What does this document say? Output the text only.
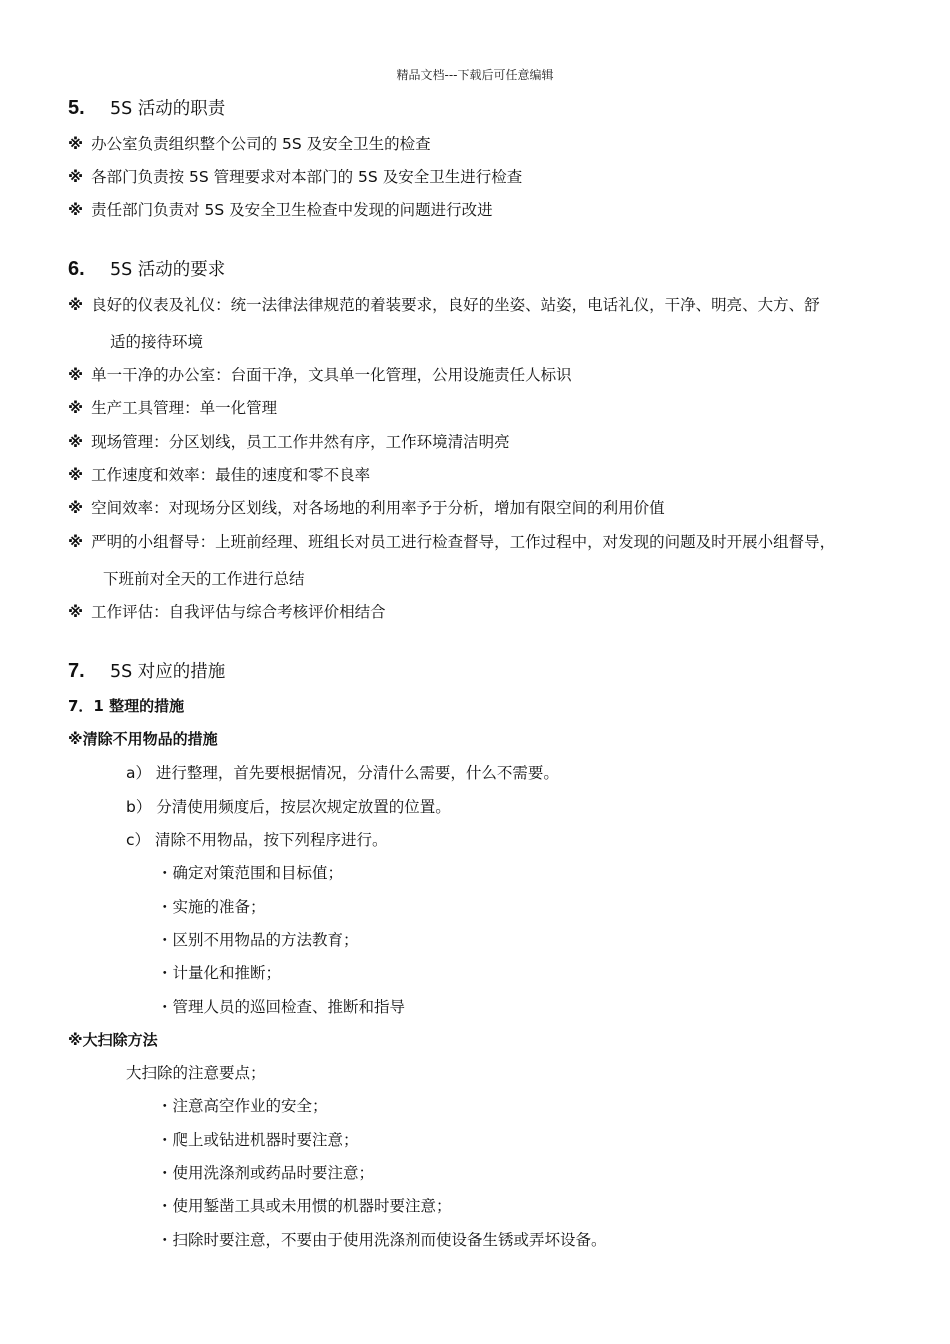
精品文档---下载后可任意编辑
5. 5S 活动的职责
※ 办公室负责组织整个公司的 5S 及安全卫生的检查
※ 各部门负责按 5S 管理要求对本部门的 5S 及安全卫生进行检查
※ 责任部门负责对 5S 及安全卫生检查中发现的问题进行改进
6. 5S 活动的要求
※ 良好的仪表及礼仪：统一法律法律规范的着装要求，良好的坐姿、站姿，电话礼仪，干净、明亮、大方、舒
适的接待环境
※ 单一干净的办公室：台面干净，文具单一化管理，公用设施责任人标识
※ 生产工具管理：单一化管理
※ 现场管理：分区划线，员工工作井然有序，工作环境清洁明亮
※ 工作速度和效率：最佳的速度和零不良率
※ 空间效率：对现场分区划线，对各场地的利用率予于分析，增加有限空间的利用价值
※ 严明的小组督导：上班前经理、班组长对员工进行检查督导，工作过程中，对发现的问题及时开展小组督导，
下班前对全天的工作进行总结
※ 工作评估：自我评估与综合考核评价相结合
7. 5S 对应的措施
7．1 整理的措施
※清除不用物品的措施
a） 进行整理，首先要根据情况，分清什么需要，什么不需要。
b） 分清使用频度后，按层次规定放置的位置。
c） 清除不用物品，按下列程序进行。
・确定对策范围和目标值；
・实施的准备；
・区别不用物品的方法教育；
・计量化和推断；
・管理人员的巡回检查、推断和指导
※大扫除方法
大扫除的注意要点；
・注意高空作业的安全；
・爬上或钻进机器时要注意；
・使用洗涤剂或药品时要注意；
・使用錾凿工具或未用惯的机器时要注意；
・扫除时要注意，不要由于使用洗涤剂而使设备生锈或弄坏设备。
